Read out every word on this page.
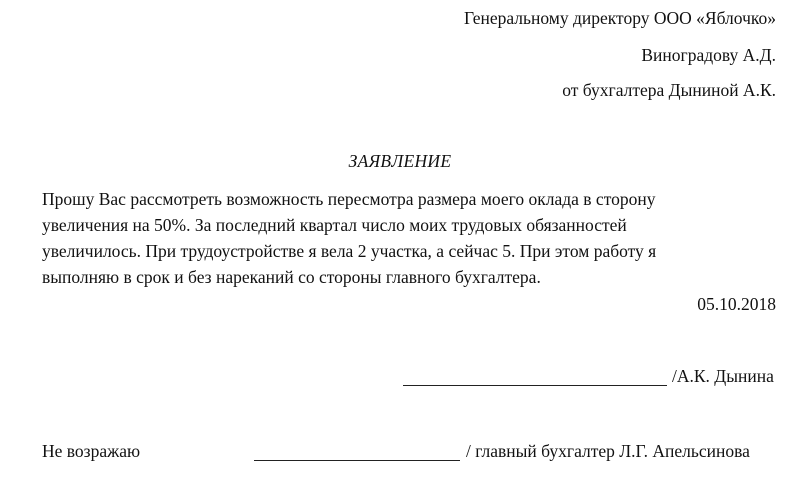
Генеральному директору ООО «Яблочко»
Виноградову А.Д.
от бухгалтера Дыниной А.К.
ЗАЯВЛЕНИЕ

Прошу Вас рассмотреть возможность пересмотра размера моего оклада в сторону
увеличения на 50%. За последний квартал число моих трудовых обязанностей
увеличилось. При трудоустройстве я вела 2 участка, а сейчас 5. При этом работу я
выполняю в срок и без нареканий со стороны главного бухгалтера.

05.10.2018
/А.К. Дынина
Не возражаю	/ главный бухгалтер Л.Г. Апельсинова
